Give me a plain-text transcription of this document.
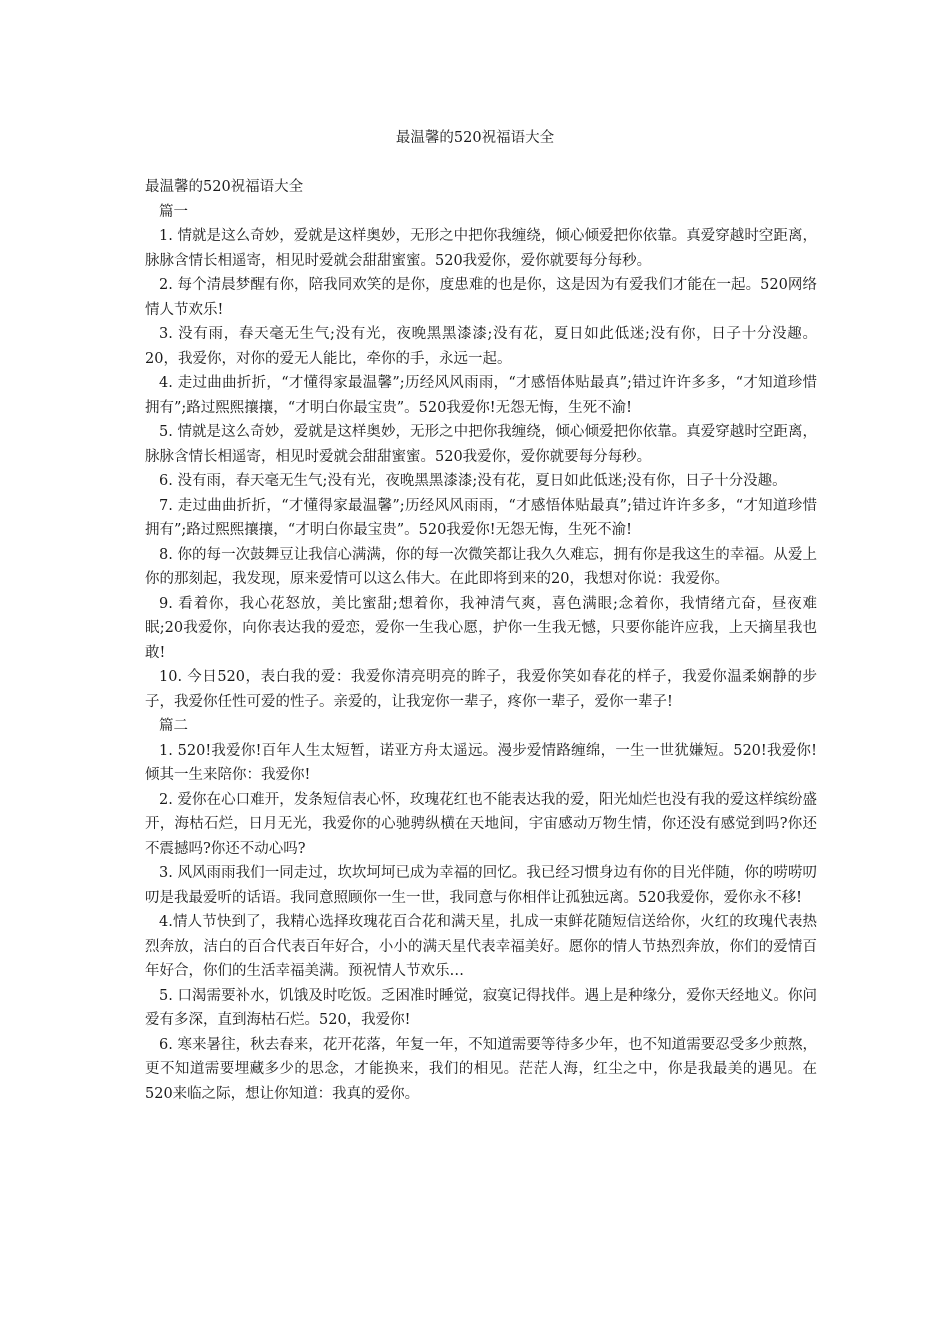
最温馨的520祝福语大全

最温馨的520祝福语大全

篇一

1. 情就是这么奇妙，爱就是这样奥妙，无形之中把你我缠绕，倾心倾爱把你依靠。真爱穿越时空距离，脉脉含情长相遥寄，相见时爱就会甜甜蜜蜜。520我爱你，爱你就要每分每秒。

2. 每个清晨梦醒有你，陪我同欢笑的是你，度患难的也是你，这是因为有爱我们才能在一起。520网络情人节欢乐!

3. 没有雨，春天毫无生气;没有光，夜晚黑黑漆漆;没有花，夏日如此低迷;没有你，日子十分没趣。20，我爱你，对你的爱无人能比，牵你的手，永远一起。

4. 走过曲曲折折，“才懂得家最温馨”;历经风风雨雨，“才感悟体贴最真”;错过许许多多，“才知道珍惜拥有”;路过熙熙攘攘，“才明白你最宝贵”。520我爱你!无怨无悔，生死不渝!

5. 情就是这么奇妙，爱就是这样奥妙，无形之中把你我缠绕，倾心倾爱把你依靠。真爱穿越时空距离，脉脉含情长相遥寄，相见时爱就会甜甜蜜蜜。520我爱你，爱你就要每分每秒。

6. 没有雨，春天毫无生气;没有光，夜晚黑黑漆漆;没有花，夏日如此低迷;没有你，日子十分没趣。

7. 走过曲曲折折，“才懂得家最温馨”;历经风风雨雨，“才感悟体贴最真”;错过许许多多，“才知道珍惜拥有”;路过熙熙攘攘，“才明白你最宝贵”。520我爱你!无怨无悔，生死不渝!

8. 你的每一次鼓舞豆让我信心满满，你的每一次微笑都让我久久难忘，拥有你是我这生的幸福。从爱上你的那刻起，我发现，原来爱情可以这么伟大。在此即将到来的20，我想对你说：我爱你。

9. 看着你，我心花怒放，美比蜜甜;想着你，我神清气爽，喜色满眼;念着你，我情绪亢奋，昼夜难眠;20我爱你，向你表达我的爱恋，爱你一生我心愿，护你一生我无憾，只要你能许应我，上天摘星我也敢!

10. 今日520，表白我的爱：我爱你清亮明亮的眸子，我爱你笑如春花的样子，我爱你温柔娴静的步子，我爱你任性可爱的性子。亲爱的，让我宠你一辈子，疼你一辈子，爱你一辈子!

篇二

1. 520!我爱你!百年人生太短暂，诺亚方舟太遥远。漫步爱情路缠绵，一生一世犹嫌短。520!我爱你!倾其一生来陪你：我爱你!

2. 爱你在心口难开，发条短信表心怀，玫瑰花红也不能表达我的爱，阳光灿烂也没有我的爱这样缤纷盛开，海枯石烂，日月无光，我爱你的心驰骋纵横在天地间，宇宙感动万物生情，你还没有感觉到吗?你还不震撼吗?你还不动心吗?

3. 风风雨雨我们一同走过，坎坎坷坷已成为幸福的回忆。我已经习惯身边有你的目光伴随，你的唠唠叨叨是我最爱听的话语。我同意照顾你一生一世，我同意与你相伴让孤独远离。520我爱你，爱你永不移!

4.情人节快到了，我精心选择玫瑰花百合花和满天星，扎成一束鲜花随短信送给你，火红的玫瑰代表热烈奔放，洁白的百合代表百年好合，小小的满天星代表幸福美好。愿你的情人节热烈奔放，你们的爱情百年好合，你们的生活幸福美满。预祝情人节欢乐…

5. 口渴需要补水，饥饿及时吃饭。乏困准时睡觉，寂寞记得找伴。遇上是种缘分，爱你天经地义。你问爱有多深，直到海枯石烂。520，我爱你!

6. 寒来暑往，秋去春来，花开花落，年复一年，不知道需要等待多少年，也不知道需要忍受多少煎熬，更不知道需要埋藏多少的思念，才能换来，我们的相见。茫茫人海，红尘之中，你是我最美的遇见。在520来临之际，想让你知道：我真的爱你。
